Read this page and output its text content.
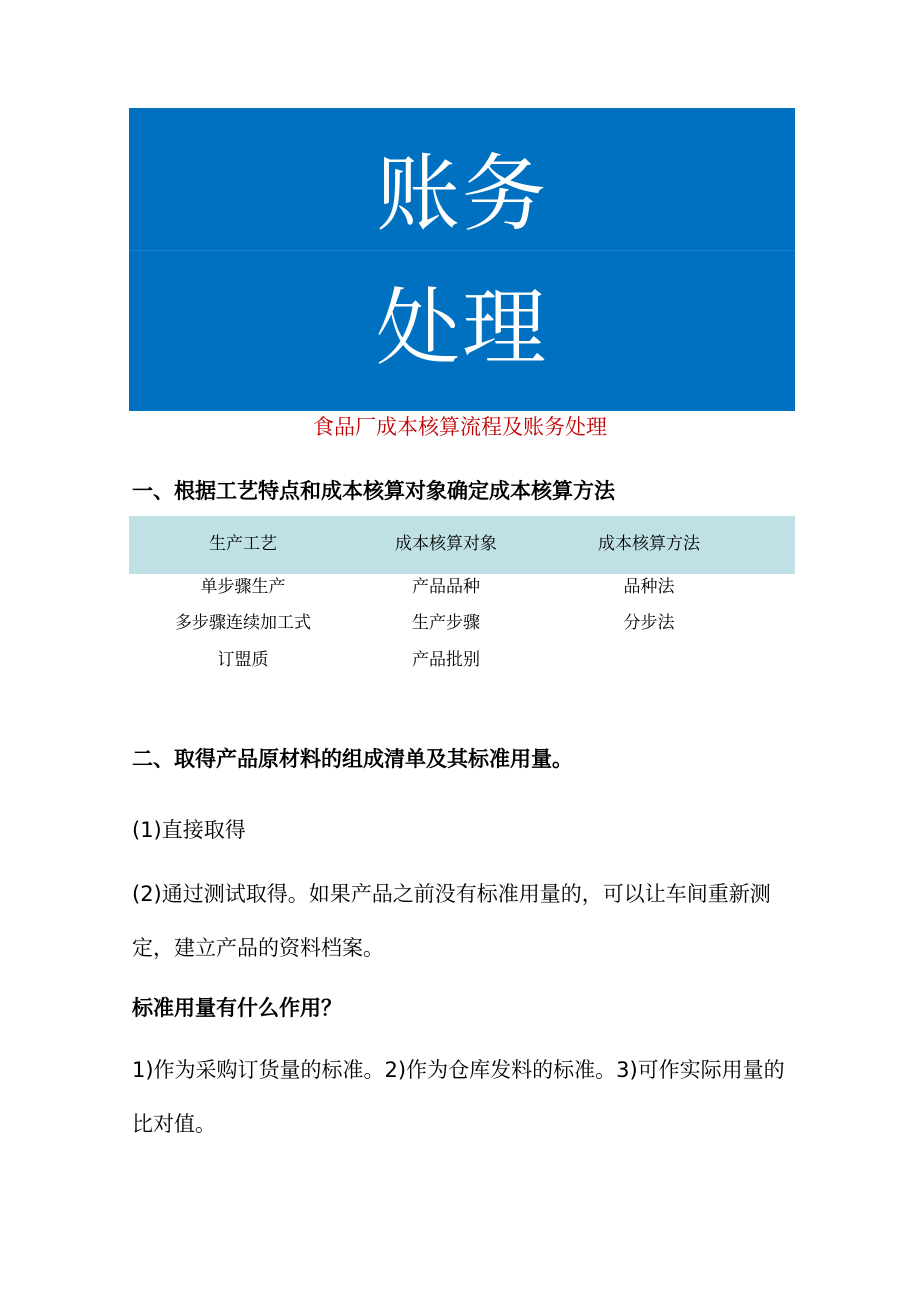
账务
处理
食品厂成本核算流程及账务处理
一、根据工艺特点和成本核算对象确定成本核算方法
生产工艺	成本核算对象	成本核算方法
单步骤生产	产品品种	品种法
多步骤连续加工式	生产步骤	分步法
订盟质	产品批别
二、取得产品原材料的组成清单及其标准用量。
(1)直接取得
(2)通过测试取得。如果产品之前没有标准用量的，可以让车间重新测定，建立产品的资料档案。
标准用量有什么作用？
1)作为采购订货量的标准。2)作为仓库发料的标准。3)可作实际用量的比对值。
